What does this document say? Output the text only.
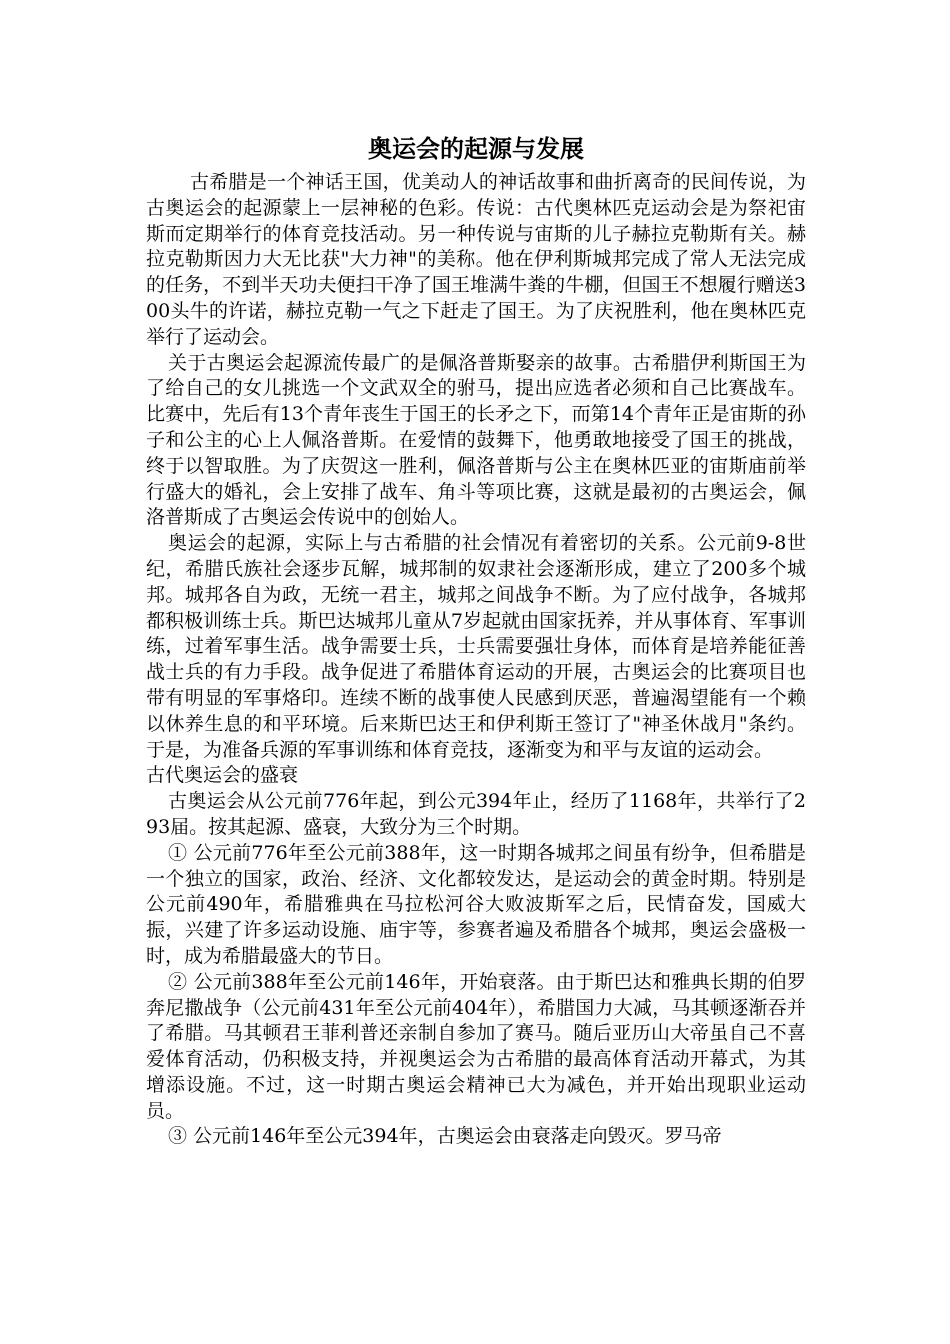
奥运会的起源与发展

古希腊是一个神话王国，优美动人的神话故事和曲折离奇的民间传说，为古奥运会的起源蒙上一层神秘的色彩。传说：古代奥林匹克运动会是为祭祀宙斯而定期举行的体育竞技活动。另一种传说与宙斯的儿子赫拉克勒斯有关。赫拉克勒斯因力大无比获"大力神"的美称。他在伊利斯城邦完成了常人无法完成的任务，不到半天功夫便扫干净了国王堆满牛粪的牛棚，但国王不想履行赠送300头牛的许诺，赫拉克勒一气之下赶走了国王。为了庆祝胜利，他在奥林匹克举行了运动会。

关于古奥运会起源流传最广的是佩洛普斯娶亲的故事。古希腊伊利斯国王为了给自己的女儿挑选一个文武双全的驸马，提出应选者必须和自己比赛战车。比赛中，先后有13个青年丧生于国王的长矛之下，而第14个青年正是宙斯的孙子和公主的心上人佩洛普斯。在爱情的鼓舞下，他勇敢地接受了国王的挑战，终于以智取胜。为了庆贺这一胜利，佩洛普斯与公主在奥林匹亚的宙斯庙前举行盛大的婚礼，会上安排了战车、角斗等项比赛，这就是最初的古奥运会，佩洛普斯成了古奥运会传说中的创始人。

奥运会的起源，实际上与古希腊的社会情况有着密切的关系。公元前9-8世纪，希腊氏族社会逐步瓦解，城邦制的奴隶社会逐渐形成，建立了200多个城邦。城邦各自为政，无统一君主，城邦之间战争不断。为了应付战争，各城邦都积极训练士兵。斯巴达城邦儿童从7岁起就由国家抚养，并从事体育、军事训练，过着军事生活。战争需要士兵，士兵需要强壮身体，而体育是培养能征善战士兵的有力手段。战争促进了希腊体育运动的开展，古奥运会的比赛项目也带有明显的军事烙印。连续不断的战事使人民感到厌恶，普遍渴望能有一个赖以休养生息的和平环境。后来斯巴达王和伊利斯王签订了"神圣休战月"条约。于是，为准备兵源的军事训练和体育竞技，逐渐变为和平与友谊的运动会。

古代奥运会的盛衰

古奥运会从公元前776年起，到公元394年止，经历了1168年，共举行了293届。按其起源、盛衰，大致分为三个时期。

① 公元前776年至公元前388年，这一时期各城邦之间虽有纷争，但希腊是一个独立的国家，政治、经济、文化都较发达，是运动会的黄金时期。特别是公元前490年，希腊雅典在马拉松河谷大败波斯军之后，民情奋发，国威大振，兴建了许多运动设施、庙宇等，参赛者遍及希腊各个城邦，奥运会盛极一时，成为希腊最盛大的节日。

② 公元前388年至公元前146年，开始衰落。由于斯巴达和雅典长期的伯罗奔尼撒战争（公元前431年至公元前404年），希腊国力大减，马其顿逐渐吞并了希腊。马其顿君王菲利普还亲制自参加了赛马。随后亚历山大帝虽自己不喜爱体育活动，仍积极支持，并视奥运会为古希腊的最高体育活动开幕式，为其增添设施。不过，这一时期古奥运会精神已大为减色，并开始出现职业运动员。

③ 公元前146年至公元394年，古奥运会由衰落走向毁灭。罗马帝
